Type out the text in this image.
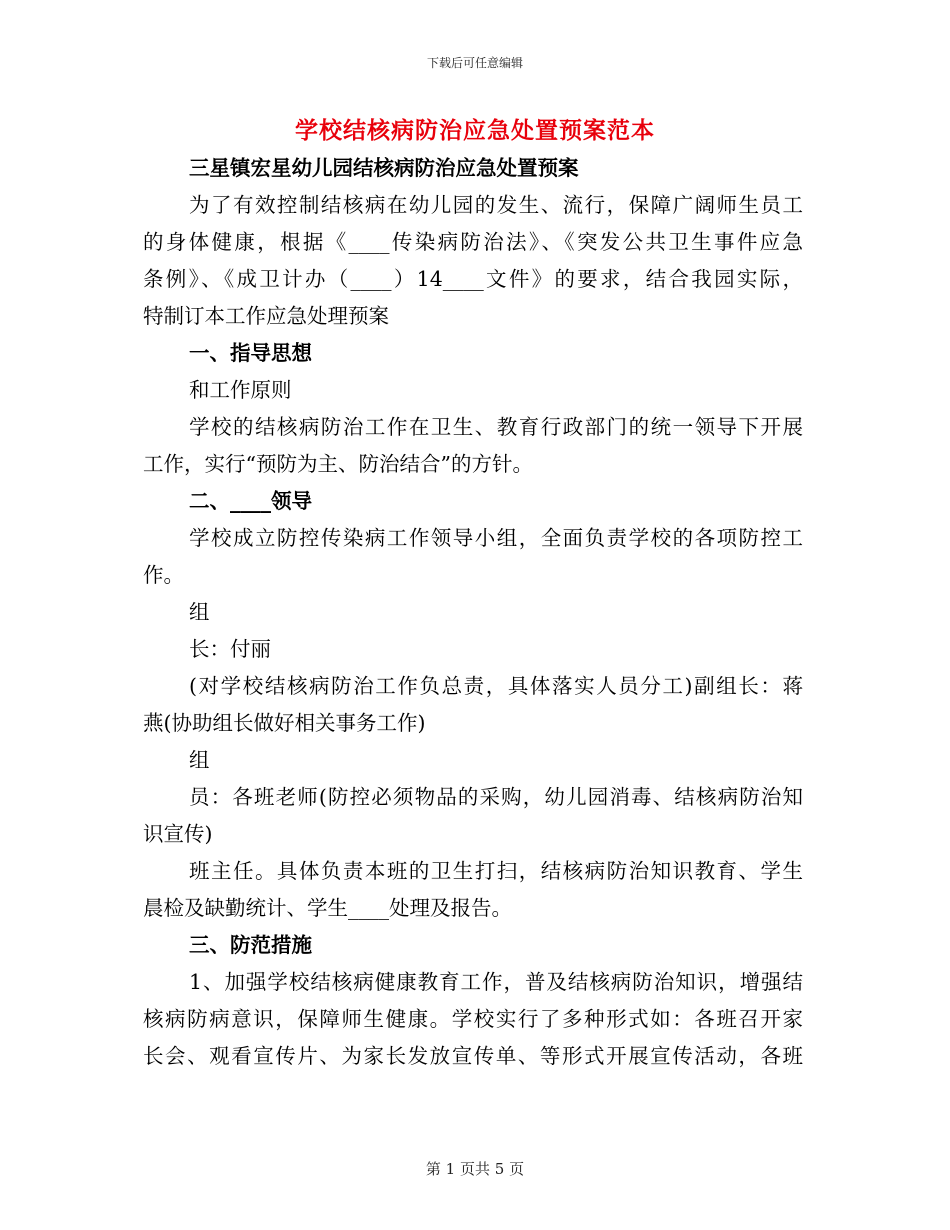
下载后可任意编辑
学校结核病防治应急处置预案范本
三星镇宏星幼儿园结核病防治应急处置预案
为了有效控制结核病在幼儿园的发生、流行，保障广阔师生员工
的身体健康，根据《____传染病防治法》、《突发公共卫生事件应急
条例》、《成卫计办（____）14____文件》的要求，结合我园实际，
特制订本工作应急处理预案
一、指导思想
和工作原则
学校的结核病防治工作在卫生、教育行政部门的统一领导下开展
工作，实行“预防为主、防治结合”的方针。
二、____领导
学校成立防控传染病工作领导小组，全面负责学校的各项防控工
作。
组
长：付丽
(对学校结核病防治工作负总责，具体落实人员分工)副组长：蒋
燕(协助组长做好相关事务工作)
组
员：各班老师(防控必须物品的采购，幼儿园消毒、结核病防治知
识宣传)
班主任。具体负责本班的卫生打扫，结核病防治知识教育、学生
晨检及缺勤统计、学生____处理及报告。
三、防范措施
1、加强学校结核病健康教育工作，普及结核病防治知识，增强结
核病防病意识，保障师生健康。学校实行了多种形式如：各班召开家
长会、观看宣传片、为家长发放宣传单、等形式开展宣传活动，各班
第 1 页共 5 页
